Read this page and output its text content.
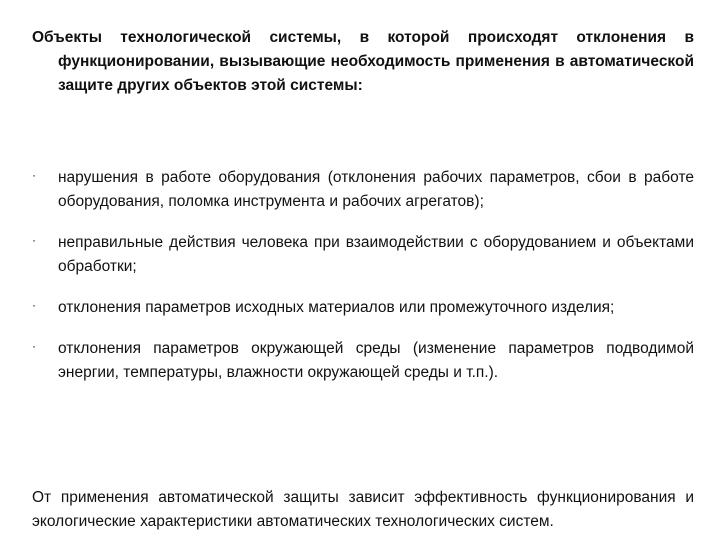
Объекты технологической системы, в которой происходят отклонения в функционировании, вызывающие необходимость применения в автоматической защите других объектов этой системы:

· нарушения в работе оборудования (отклонения рабочих параметров, сбои в работе оборудования, поломка инструмента и рабочих агрегатов);
· неправильные действия человека при взаимодействии с оборудованием и объектами обработки;
· отклонения параметров исходных материалов или промежуточного изделия;
· отклонения параметров окружающей среды (изменение параметров подводимой энергии, температуры, влажности окружающей среды и т.п.).

От применения автоматической защиты зависит эффективность функционирования и экологические характеристики автоматических технологических систем.
